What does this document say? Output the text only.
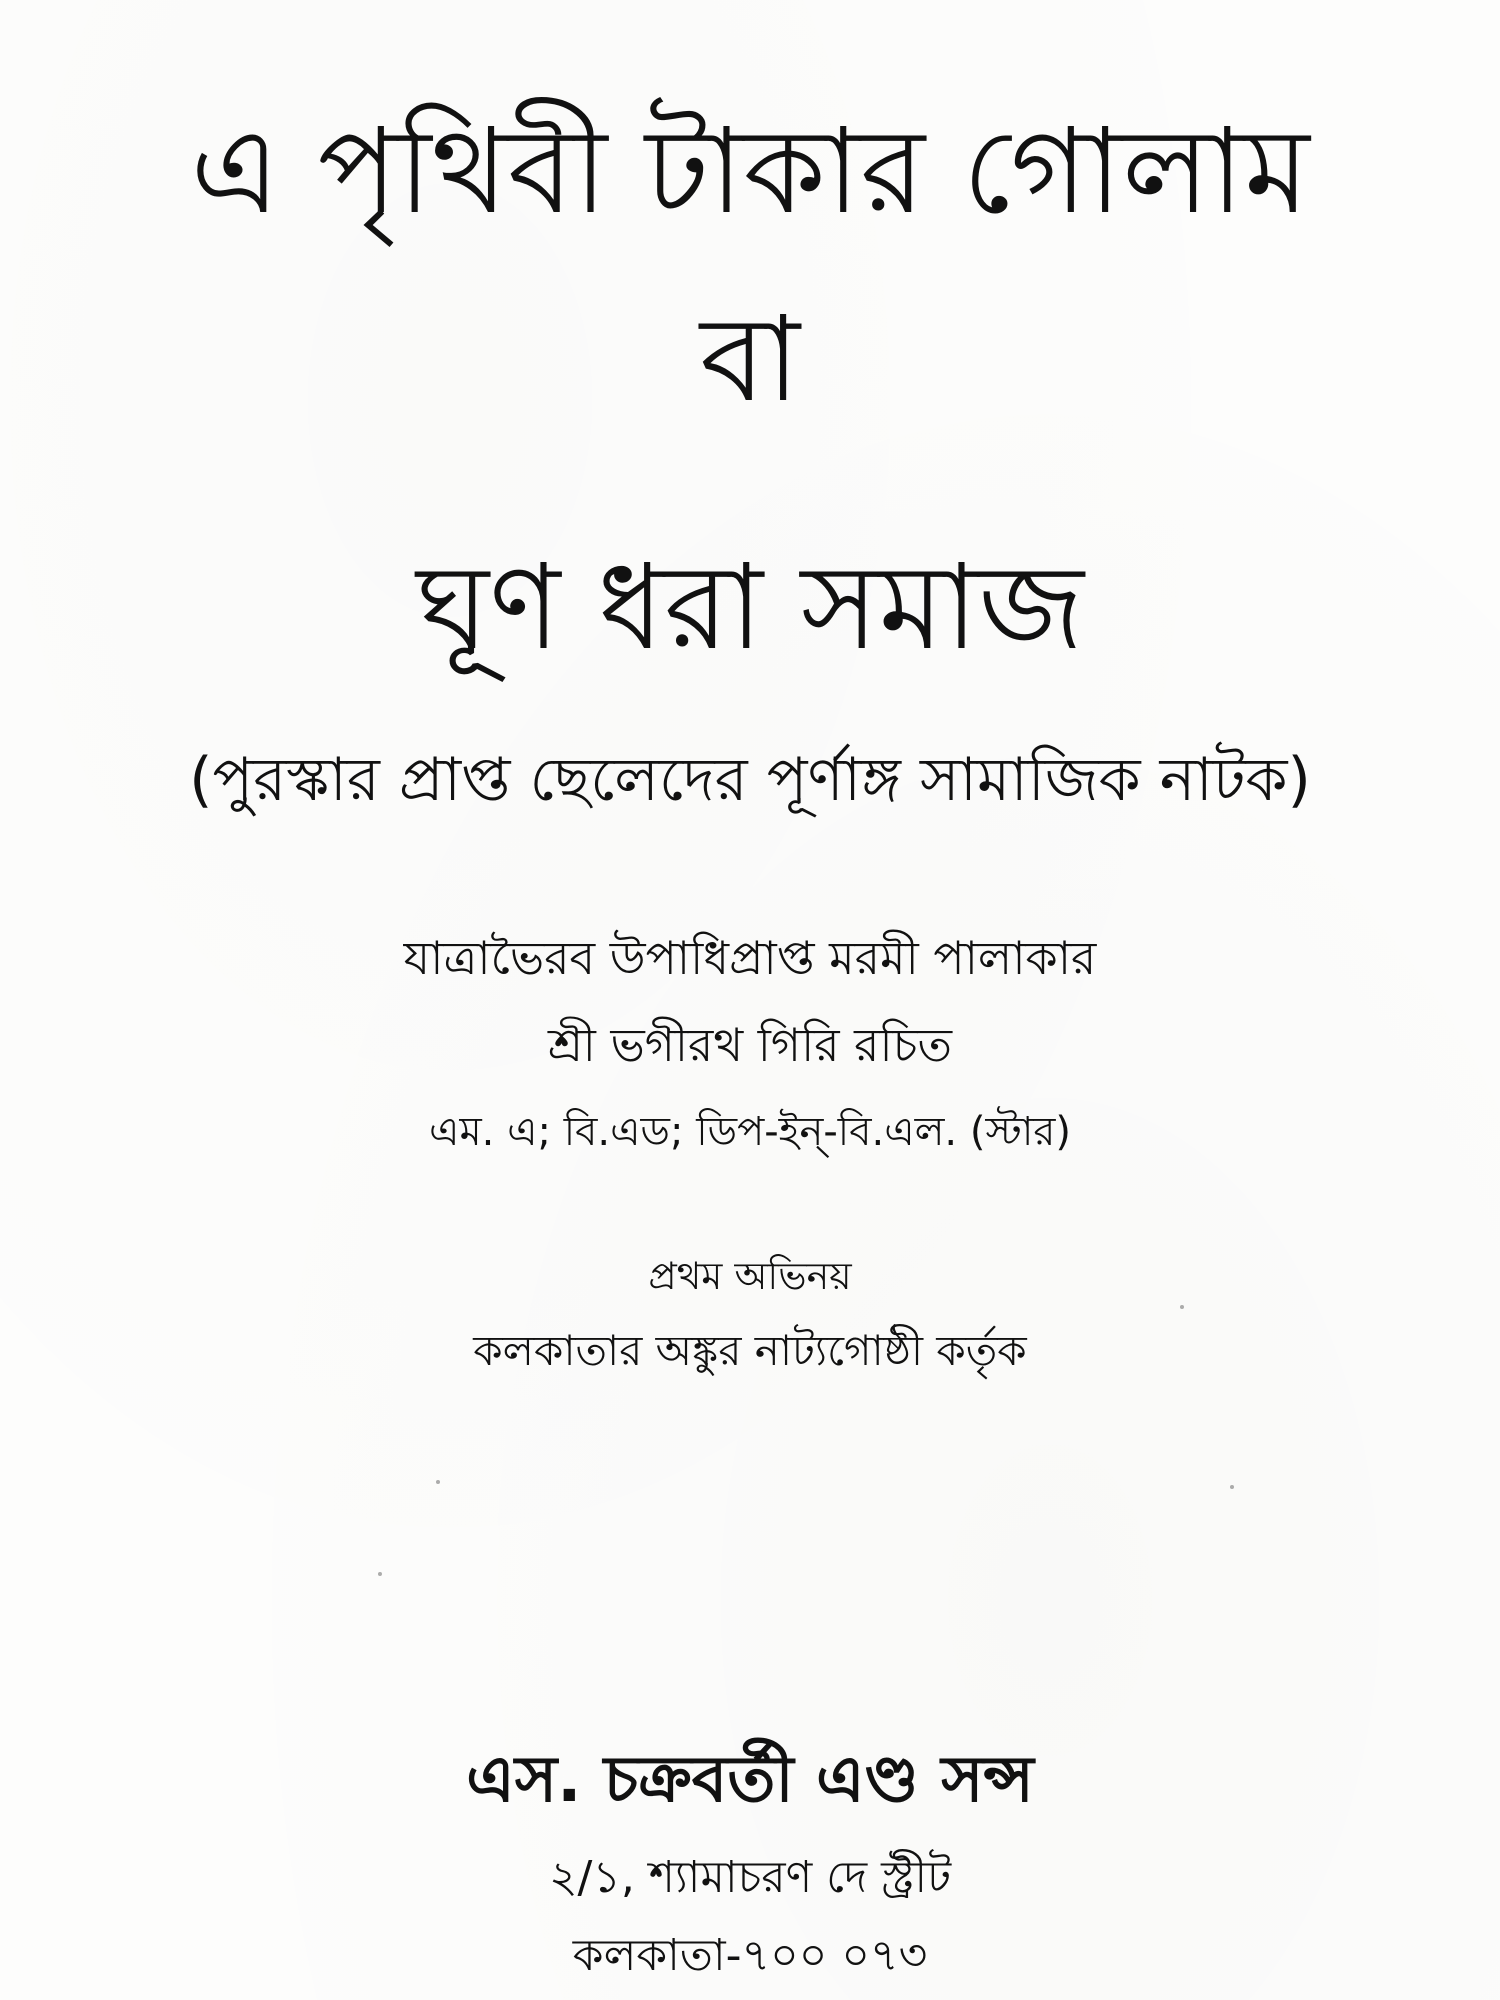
এ পৃথিবী টাকার গোলাম
বা
ঘূণ ধরা সমাজ
(পুরস্কার প্রাপ্ত ছেলেদের পূর্ণাঙ্গ সামাজিক নাটক)
যাত্রাভৈরব উপাধিপ্রাপ্ত মরমী পালাকার
শ্রী ভগীরথ গিরি রচিত
এম. এ; বি.এড; ডিপ-ইন্-বি.এল. (স্টার)
প্রথম অভিনয়
কলকাতার অঙ্কুর নাট্যগোষ্ঠী কর্তৃক
এস. চক্রবর্তী এণ্ড সন্স
২/১, শ্যামাচরণ দে স্ট্রীট
কলকাতা-৭০০ ০৭৩
